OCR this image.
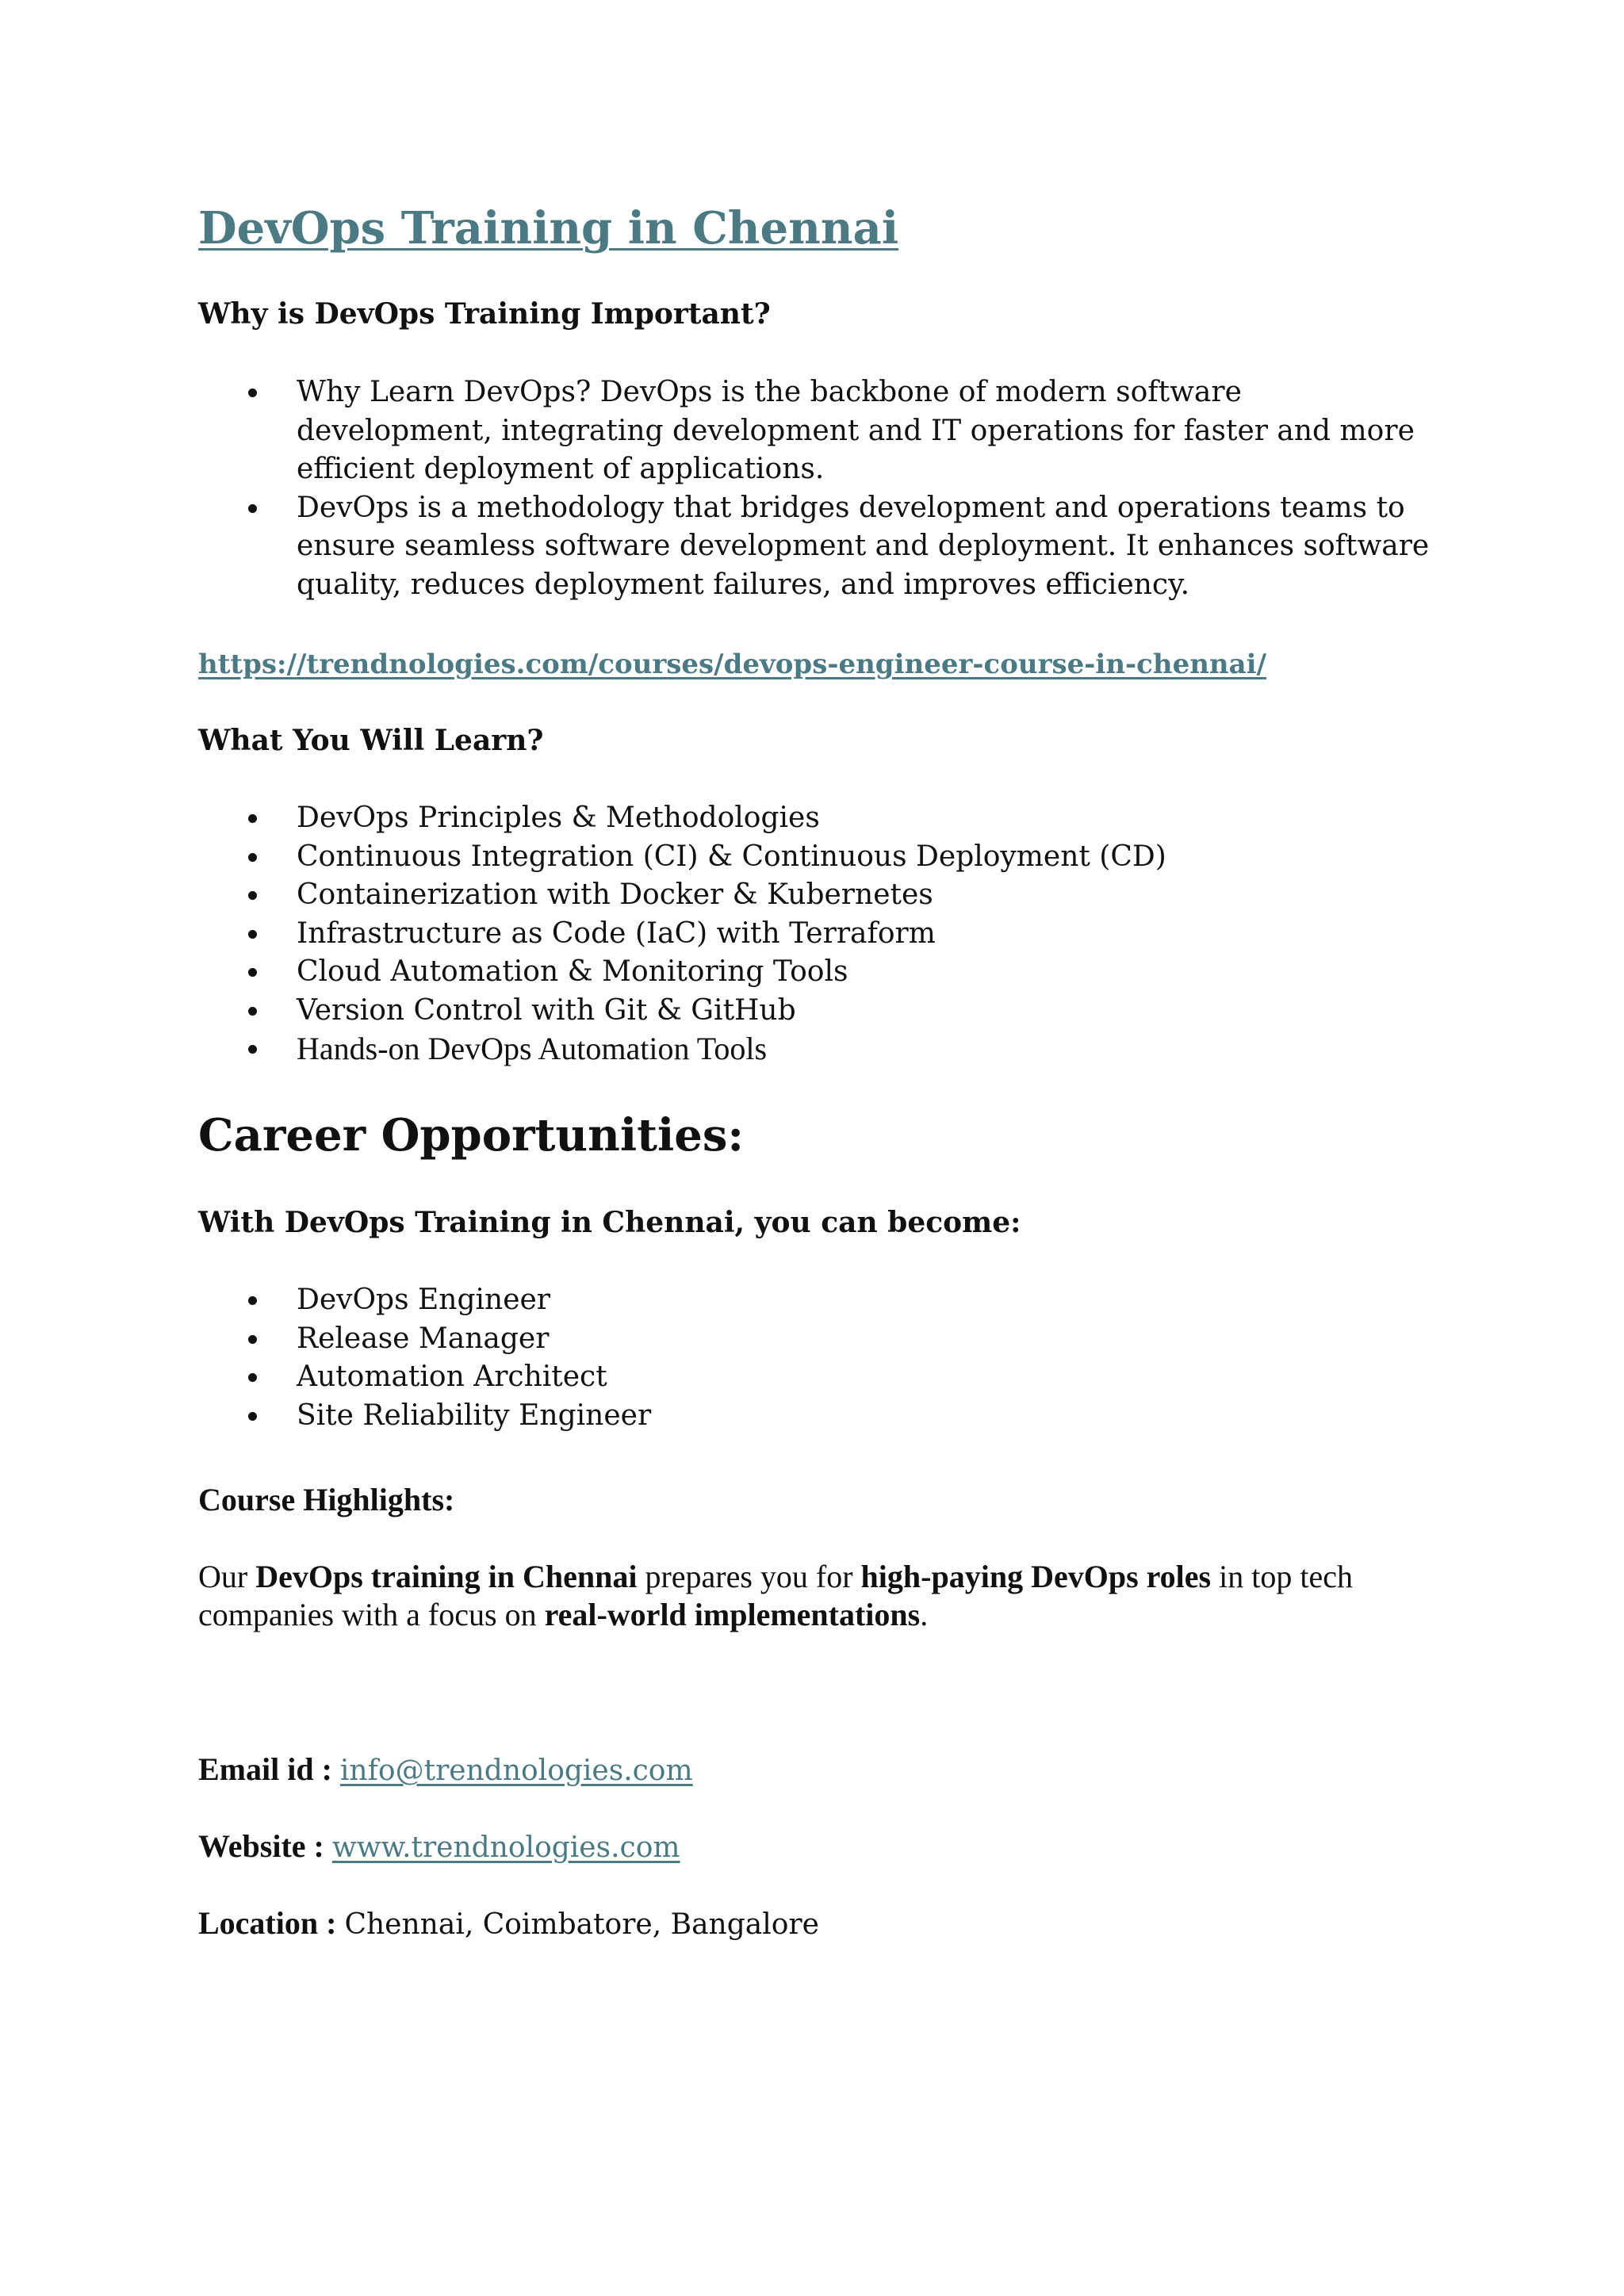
DevOps Training in Chennai
Why is DevOps Training Important?
Why Learn DevOps? DevOps is the backbone of modern software development, integrating development and IT operations for faster and more efficient deployment of applications.
DevOps is a methodology that bridges development and operations teams to ensure seamless software development and deployment. It enhances software quality, reduces deployment failures, and improves efficiency.
https://trendnologies.com/courses/devops-engineer-course-in-chennai/
What You Will Learn?
DevOps Principles & Methodologies
Continuous Integration (CI) & Continuous Deployment (CD)
Containerization with Docker & Kubernetes
Infrastructure as Code (IaC) with Terraform
Cloud Automation & Monitoring Tools
Version Control with Git & GitHub
Hands-on DevOps Automation Tools
Career Opportunities:
With DevOps Training in Chennai, you can become:
DevOps Engineer
Release Manager
Automation Architect
Site Reliability Engineer
Course Highlights:

Our DevOps training in Chennai prepares you for high-paying DevOps roles in top tech companies with a focus on real-world implementations.

Email id : info@trendnologies.com

Website : www.trendnologies.com

Location : Chennai, Coimbatore, Bangalore
